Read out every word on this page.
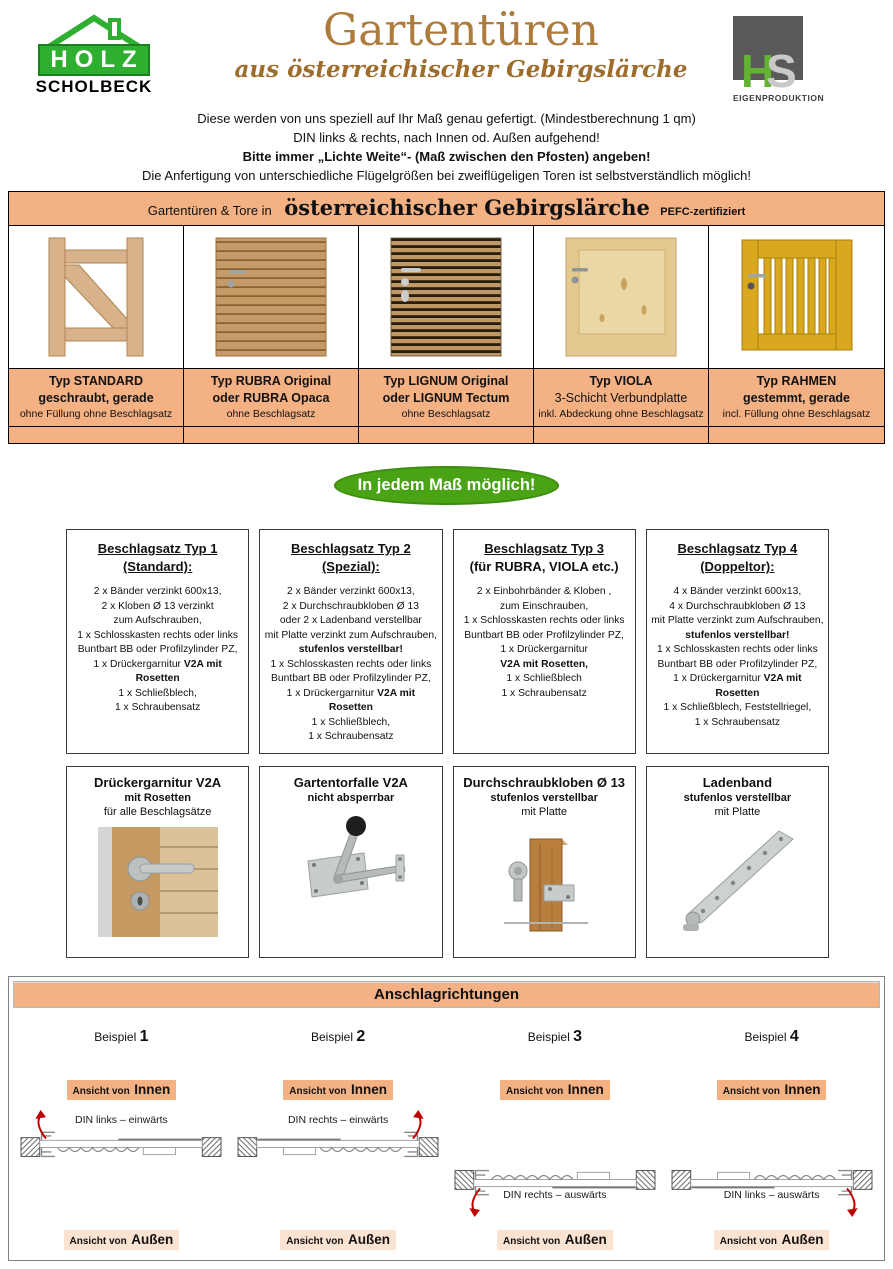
HOLZ
SCHOLBECK
Gartentüren
aus österreichischer Gebirgslärche	H
S
EIGENPRODUKTION
Diese werden von uns speziell auf Ihr Maß genau gefertigt. (Mindestberechnung 1 qm)
DIN links & rechts, nach Innen od. Außen aufgehend!
Bitte immer „Lichte Weite“- (Maß zwischen den Pfosten) angeben!
Die Anfertigung von unterschiedliche Flügelgrößen bei zweiflügeligen Toren ist selbstverständlich möglich!
Gartentüren & Tore in österreichischer Gebirgslärche PEFC-zertifiziert
Typ STANDARD
geschraubt, gerade
ohne Füllung ohne Beschlagsatz
Typ RUBRA Original
oder RUBRA Opaca
ohne Beschlagsatz
Typ LIGNUM Original
oder LIGNUM Tectum
ohne Beschlagsatz
Typ VIOLA
3-Schicht Verbundplatte
inkl. Abdeckung ohne Beschlagsatz
Typ RAHMEN
gestemmt, gerade
incl. Füllung ohne Beschlagsatz
In jedem Maß möglich!
Beschlagsatz Typ 1
(Standard):
2 x Bänder verzinkt 600x13,
2 x Kloben Ø 13 verzinkt
zum Aufschrauben,
1 x Schlosskasten rechts oder links
Buntbart BB oder Profilzylinder PZ,
1 x Drückergarnitur V2A mit Rosetten
1 x Schließblech,
1 x Schraubensatz
Beschlagsatz Typ 2
(Spezial):
2 x Bänder verzinkt 600x13,
2 x Durchschraubkloben Ø 13
oder 2 x Ladenband verstellbar
mit Platte verzinkt zum Aufschrauben,
stufenlos verstellbar!
1 x Schlosskasten rechts oder links
Buntbart BB oder Profilzylinder PZ,
1 x Drückergarnitur V2A mit Rosetten
1 x Schließblech,
1 x Schraubensatz
Beschlagsatz Typ 3
(für RUBRA, VIOLA etc.)
2 x Einbohrbänder & Kloben ,
zum Einschrauben,
1 x Schlosskasten rechts oder links
Buntbart BB oder Profilzylinder PZ,
1 x Drückergarnitur
V2A mit Rosetten,
1 x Schließblech
1 x Schraubensatz
Beschlagsatz Typ 4
(Doppeltor):
4 x Bänder verzinkt 600x13,
4 x Durchschraubkloben Ø 13
mit Platte verzinkt zum Aufschrauben,
stufenlos verstellbar!
1 x Schlosskasten rechts oder links
Buntbart BB oder Profilzylinder PZ,
1 x Drückergarnitur V2A mit Rosetten
1 x Schließblech, Feststellriegel,
1 x Schraubensatz
Drückergarnitur V2A
mit Rosetten
für alle Beschlagsätze
Gartentorfalle V2A
nicht absperrbar
Durchschraubkloben Ø 13
stufenlos verstellbar
mit Platte
Ladenband
stufenlos verstellbar
mit Platte
Anschlagrichtungen
Beispiel 1
Ansicht von Innen
DIN links – einwärts
Ansicht von Außen
Beispiel 2
Ansicht von Innen
DIN rechts – einwärts
Ansicht von Außen
Beispiel 3
Ansicht von Innen
DIN rechts – auswärts
Ansicht von Außen
Beispiel 4
Ansicht von Innen
DIN links – auswärts
Ansicht von Außen
